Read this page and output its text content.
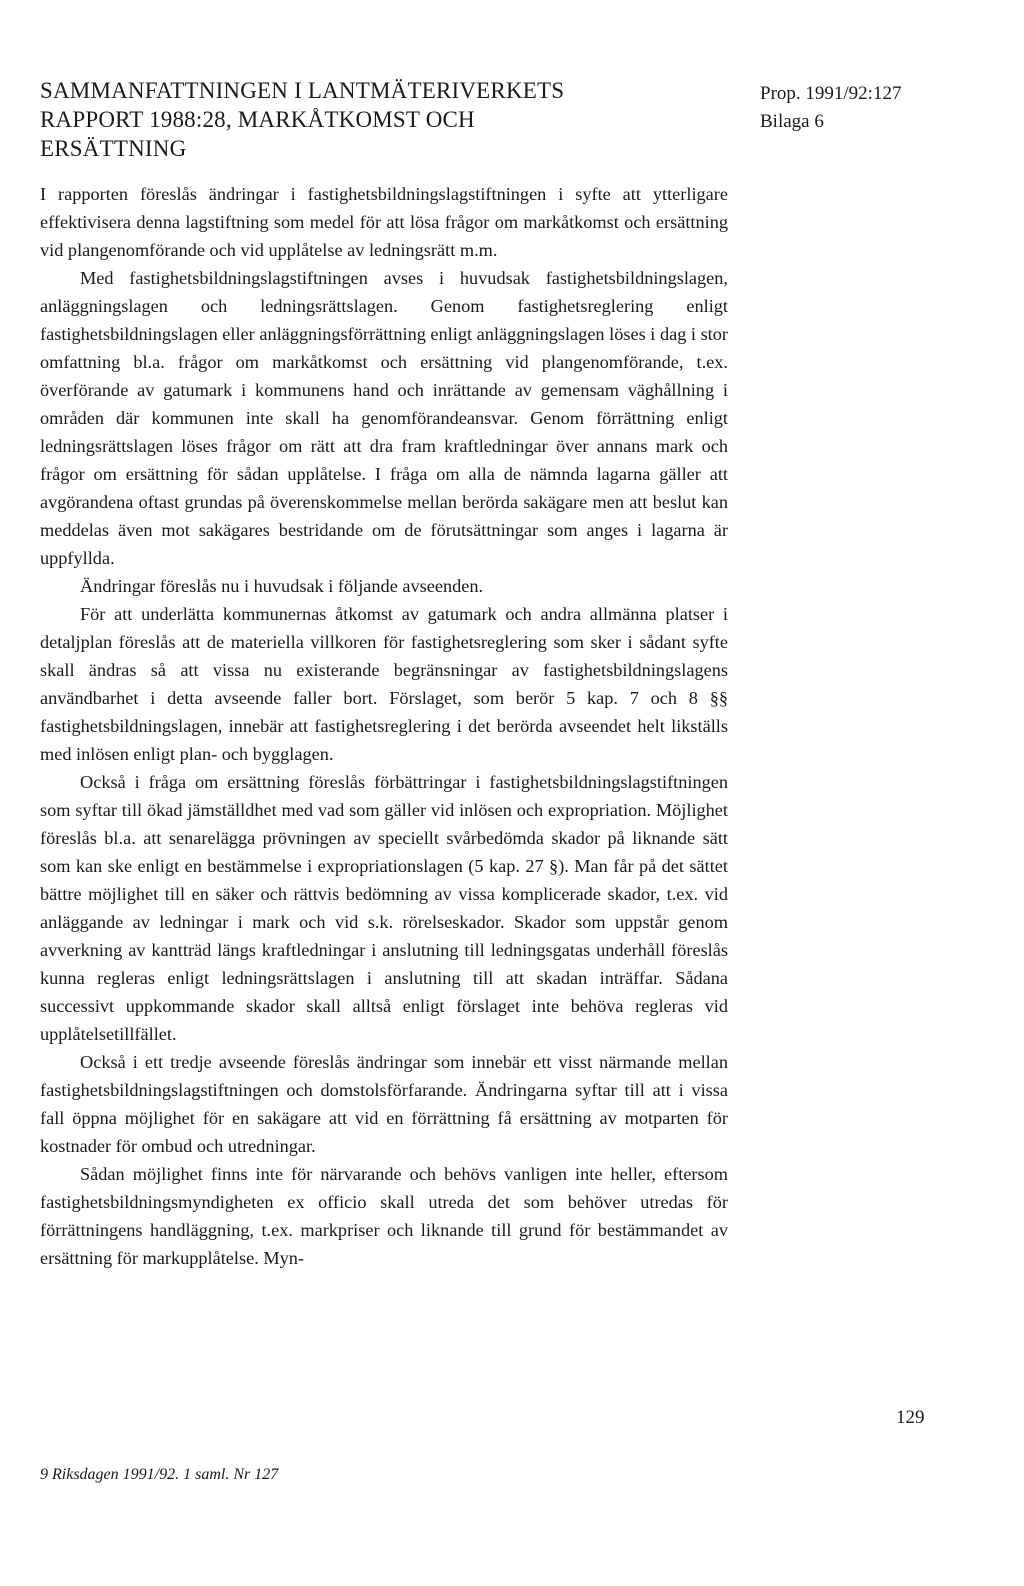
SAMMANFATTNINGEN I LANTMÄTERIVERKETS
RAPPORT 1988:28, MARKÅTKOMST OCH
ERSÄTTNING
Prop. 1991/92:127
Bilaga 6

I rapporten föreslås ändringar i fastighetsbildningslagstiftningen i syfte att ytterligare effektivisera denna lagstiftning som medel för att lösa frågor om markåtkomst och ersättning vid plangenomförande och vid upplåtelse av ledningsrätt m.m.

Med fastighetsbildningslagstiftningen avses i huvudsak fastighetsbildningslagen, anläggningslagen och ledningsrättslagen. Genom fastighetsreglering enligt fastighetsbildningslagen eller anläggningsförrättning enligt anläggningslagen löses i dag i stor omfattning bl.a. frågor om markåtkomst och ersättning vid plangenomförande, t.ex. överförande av gatumark i kommunens hand och inrättande av gemensam väghållning i områden där kommunen inte skall ha genomförandeansvar. Genom förrättning enligt ledningsrättslagen löses frågor om rätt att dra fram kraftledningar över annans mark och frågor om ersättning för sådan upplåtelse. I fråga om alla de nämnda lagarna gäller att avgörandena oftast grundas på överenskommelse mellan berörda sakägare men att beslut kan meddelas även mot sakägares bestridande om de förutsättningar som anges i lagarna är uppfyllda.

Ändringar föreslås nu i huvudsak i följande avseenden.

För att underlätta kommunernas åtkomst av gatumark och andra allmänna platser i detaljplan föreslås att de materiella villkoren för fastighetsreglering som sker i sådant syfte skall ändras så att vissa nu existerande begränsningar av fastighetsbildningslagens användbarhet i detta avseende faller bort. Förslaget, som berör 5 kap. 7 och 8 §§ fastighetsbildningslagen, innebär att fastighetsreglering i det berörda avseendet helt likställs med inlösen enligt plan- och bygglagen.

Också i fråga om ersättning föreslås förbättringar i fastighetsbildningslagstiftningen som syftar till ökad jämställdhet med vad som gäller vid inlösen och expropriation. Möjlighet föreslås bl.a. att senarelägga prövningen av speciellt svårbedömda skador på liknande sätt som kan ske enligt en bestämmelse i expropriationslagen (5 kap. 27 §). Man får på det sättet bättre möjlighet till en säker och rättvis bedömning av vissa komplicerade skador, t.ex. vid anläggande av ledningar i mark och vid s.k. rörelseskador. Skador som uppstår genom avverkning av kantträd längs kraftledningar i anslutning till ledningsgatas underhåll föreslås kunna regleras enligt ledningsrättslagen i anslutning till att skadan inträffar. Sådana successivt uppkommande skador skall alltså enligt förslaget inte behöva regleras vid upplåtelsetillfället.

Också i ett tredje avseende föreslås ändringar som innebär ett visst närmande mellan fastighetsbildningslagstiftningen och domstolsförfarande. Ändringarna syftar till att i vissa fall öppna möjlighet för en sakägare att vid en förrättning få ersättning av motparten för kostnader för ombud och utredningar.

Sådan möjlighet finns inte för närvarande och behövs vanligen inte heller, eftersom fastighetsbildningsmyndigheten ex officio skall utreda det som behöver utredas för förrättningens handläggning, t.ex. markpriser och liknande till grund för bestämmandet av ersättning för markupplåtelse. Myn-

129
9 Riksdagen 1991/92. 1 saml. Nr 127
